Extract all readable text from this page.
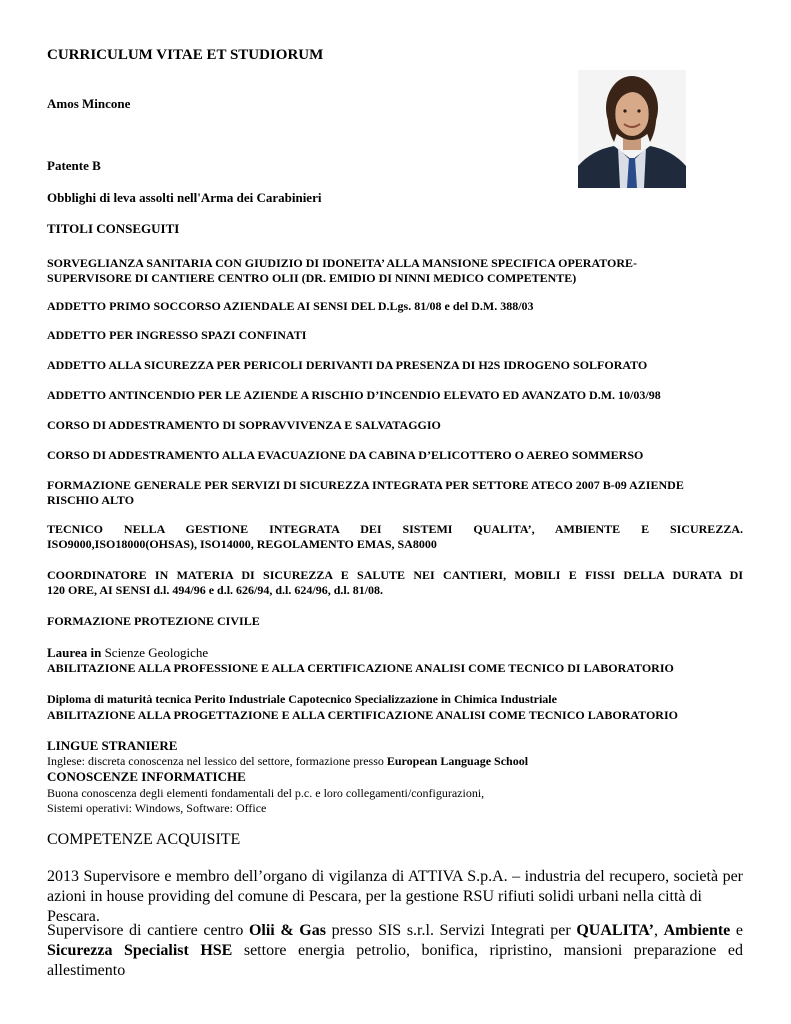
CURRICULUM VITAE ET STUDIORUM
Amos Mincone
Patente B
Obblighi di leva assolti nell'Arma dei Carabinieri
TITOLI CONSEGUITI
SORVEGLIANZA SANITARIA CON GIUDIZIO DI IDONEITA’ ALLA MANSIONE SPECIFICA OPERATORE-
SUPERVISORE DI CANTIERE CENTRO OLII (DR. EMIDIO DI NINNI MEDICO COMPETENTE)
ADDETTO PRIMO SOCCORSO AZIENDALE AI SENSI DEL D.Lgs. 81/08 e del D.M. 388/03
ADDETTO PER INGRESSO SPAZI CONFINATI
ADDETTO ALLA SICUREZZA PER PERICOLI DERIVANTI DA PRESENZA DI H2S IDROGENO SOLFORATO
ADDETTO ANTINCENDIO PER LE AZIENDE A RISCHIO D’INCENDIO ELEVATO ED AVANZATO D.M. 10/03/98
CORSO DI ADDESTRAMENTO DI SOPRAVVIVENZA E SALVATAGGIO
CORSO DI ADDESTRAMENTO ALLA EVACUAZIONE DA CABINA D’ELICOTTERO O AEREO SOMMERSO
FORMAZIONE GENERALE PER SERVIZI DI SICUREZZA INTEGRATA PER SETTORE ATECO 2007 B-09 AZIENDE
RISCHIO ALTO
TECNICO NELLA GESTIONE INTEGRATA DEI SISTEMI QUALITA’, AMBIENTE E SICUREZZA.
ISO9000,ISO18000(OHSAS), ISO14000, REGOLAMENTO EMAS, SA8000
COORDINATORE IN MATERIA DI SICUREZZA E SALUTE NEI CANTIERI, MOBILI E FISSI DELLA DURATA DI
120 ORE, AI SENSI d.l. 494/96 e d.l. 626/94, d.l. 624/96, d.l. 81/08.
FORMAZIONE PROTEZIONE CIVILE
Laurea in Scienze Geologiche
ABILITAZIONE ALLA PROFESSIONE E ALLA CERTIFICAZIONE ANALISI COME TECNICO DI LABORATORIO
Diploma di maturità tecnica Perito Industriale Capotecnico Specializzazione in Chimica Industriale
ABILITAZIONE ALLA PROGETTAZIONE E ALLA CERTIFICAZIONE ANALISI COME TECNICO LABORATORIO
LINGUE STRANIERE
Inglese: discreta conoscenza nel lessico del settore, formazione presso European Language School
CONOSCENZE INFORMATICHE
Buona conoscenza degli elementi fondamentali del p.c. e loro collegamenti/configurazioni,
Sistemi operativi: Windows, Software: Office
COMPETENZE ACQUISITE
2013 Supervisore e membro dell’organo di vigilanza di ATTIVA S.p.A. – industria del recupero, società per
azioni in house providing del comune di Pescara, per la gestione RSU rifiuti solidi urbani nella città di Pescara.
Supervisore di cantiere centro Olii & Gas presso SIS s.r.l. Servizi Integrati per QUALITA’, Ambiente e
Sicurezza Specialist HSE settore energia petrolio, bonifica, ripristino, mansioni preparazione ed allestimento
